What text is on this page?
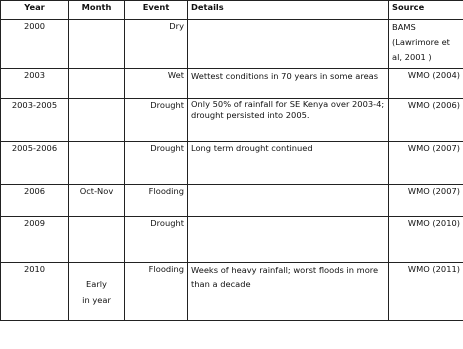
Year	Month	Event	Details	Source
2000		Dry		BAMS (Lawrimore et al, 2001 )
2003		Wet	Wettest conditions in 70 years in some areas	WMO (2004)
2003-2005		Drought	Only 50% of rainfall for SE Kenya over 2003-4; drought persisted into 2005.	WMO (2006)
2005-2006		Drought	Long term drought continued	WMO (2007)
2006	Oct-Nov	Flooding		WMO (2007)
2009		Drought		WMO (2010)
2010	Early in year	Flooding	Weeks of heavy rainfall; worst floods in more than a decade	WMO (2011)
